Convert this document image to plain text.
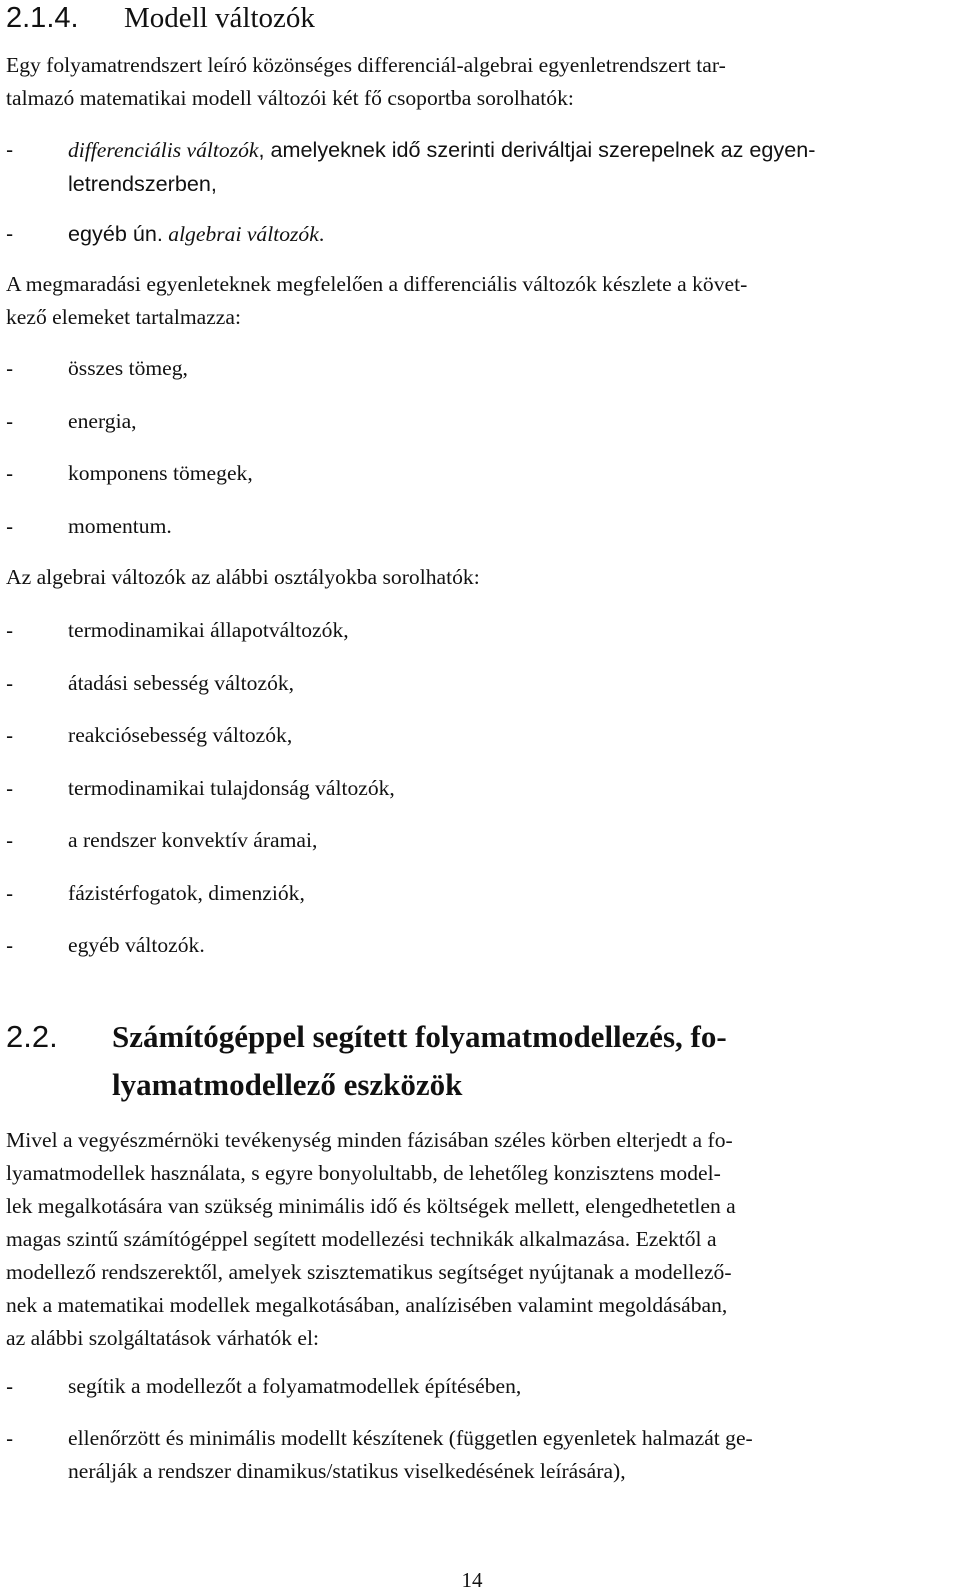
2.1.4. Modell változók
Egy folyamatrendszert leíró közönséges differenciál-algebrai egyenletrendszert tar-
talmazó matematikai modell változói két fő csoportba sorolhatók:
-	differenciális változók, amelyeknek idő szerinti deriváltjai szerepelnek az egyen-
letrendszerben,
-	egyéb ún. algebrai változók.
A megmaradási egyenleteknek megfelelően a differenciális változók készlete a követ-
kező elemeket tartalmazza:
-	összes tömeg,
-	energia,
-	komponens tömegek,
-	momentum.
Az algebrai változók az alábbi osztályokba sorolhatók:
-	termodinamikai állapotváltozók,
-	átadási sebesség változók,
-	reakciósebesség változók,
-	termodinamikai tulajdonság változók,
-	a rendszer konvektív áramai,
-	fázistérfogatok, dimenziók,
-	egyéb változók.
2.2. Számítógéppel segített folyamatmodellezés, fo-
lyamatmodellező eszközök
Mivel a vegyészmérnöki tevékenység minden fázisában széles körben elterjedt a fo-
lyamatmodellek használata, s egyre bonyolultabb, de lehetőleg konzisztens model-
lek megalkotására van szükség minimális idő és költségek mellett, elengedhetetlen a
magas szintű számítógéppel segített modellezési technikák alkalmazása. Ezektől a
modellező rendszerektől, amelyek szisztematikus segítséget nyújtanak a modellező-
nek a matematikai modellek megalkotásában, analízisében valamint megoldásában,
az alábbi szolgáltatások várhatók el:
-	segítik a modellezőt a folyamatmodellek építésében,
-	ellenőrzött és minimális modellt készítenek (független egyenletek halmazát ge-
nerálják a rendszer dinamikus/statikus viselkedésének leírására),
14
